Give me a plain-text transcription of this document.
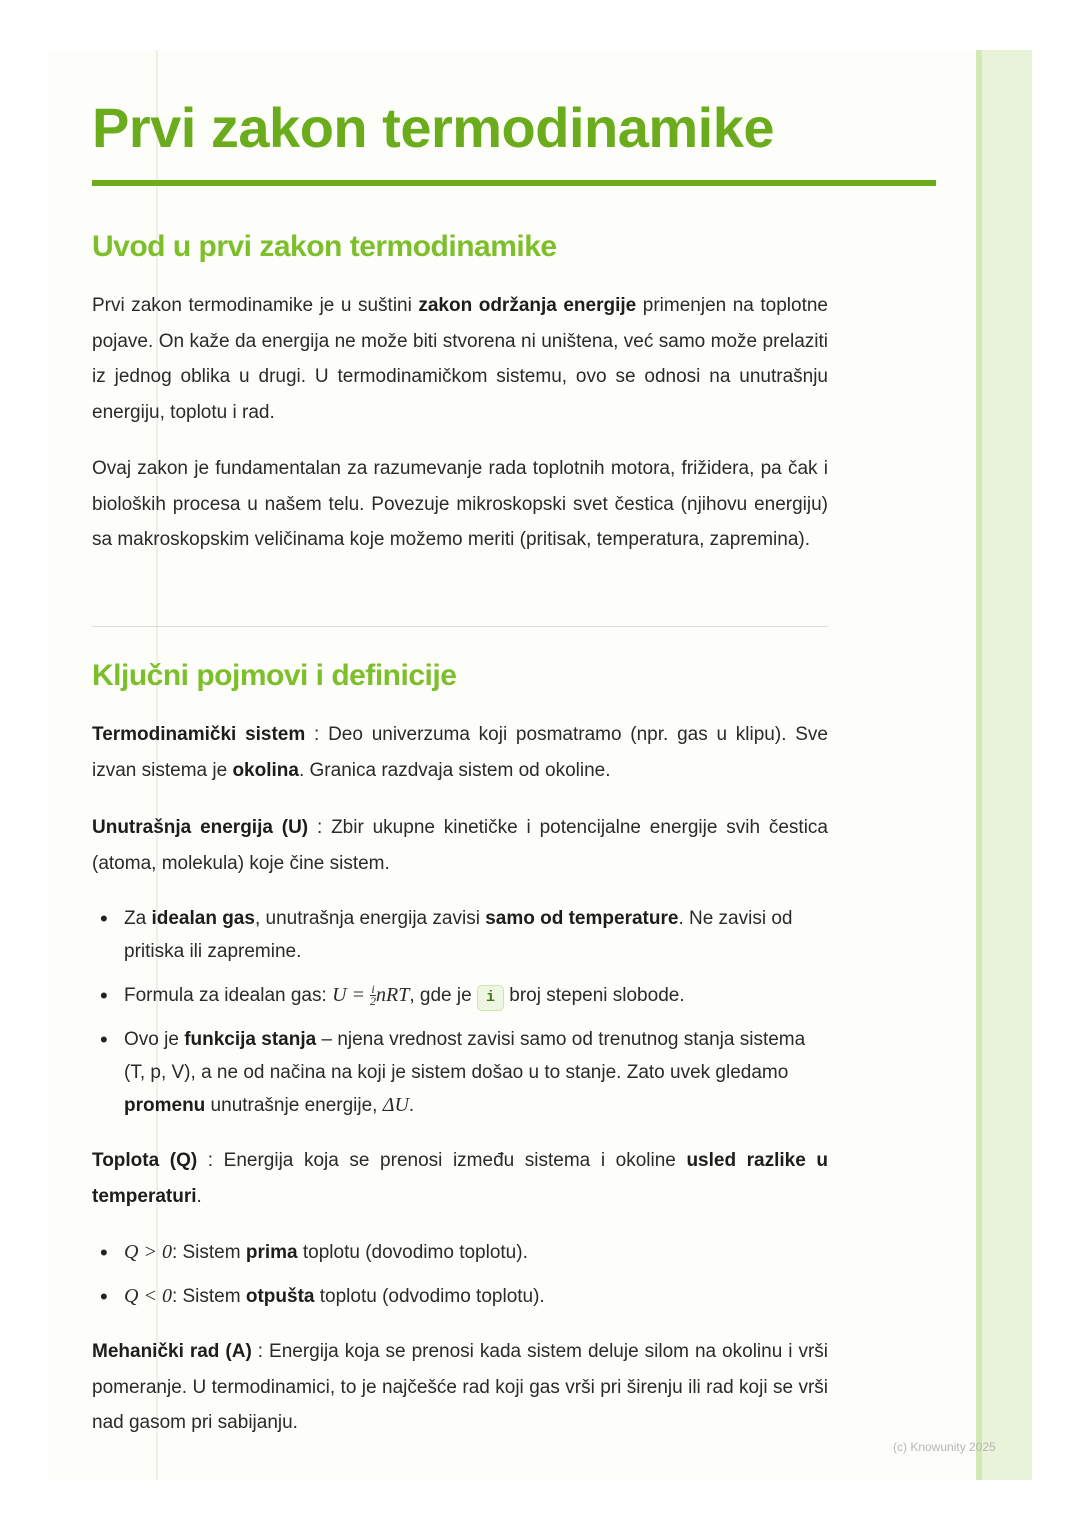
Prvi zakon termodinamike
Uvod u prvi zakon termodinamike

Prvi zakon termodinamike je u suštini zakon održanja energije primenjen na toplotne pojave. On kaže da energija ne može biti stvorena ni uništena, već samo može prelaziti iz jednog oblika u drugi. U termodinamičkom sistemu, ovo se odnosi na unutrašnju energiju, toplotu i rad.

Ovaj zakon je fundamentalan za razumevanje rada toplotnih motora, frižidera, pa čak i bioloških procesa u našem telu. Povezuje mikroskopski svet čestica (njihovu energiju) sa makroskopskim veličinama koje možemo meriti (pritisak, temperatura, zapremina).

Ključni pojmovi i definicije

Termodinamički sistem : Deo univerzuma koji posmatramo (npr. gas u klipu). Sve izvan sistema je okolina. Granica razdvaja sistem od okoline.

Unutrašnja energija (U) : Zbir ukupne kinetičke i potencijalne energije svih čestica (atoma, molekula) koje čine sistem.

• Za idealan gas, unutrašnja energija zavisi samo od temperature. Ne zavisi od pritiska ili zapremine.
• Formula za idealan gas: $U = \frac{i}{2}$ nRT, gde je i broj stepeni slobode.
• Ovo je funkcija stanja – njena vrednost zavisi samo od trenutnog stanja sistema (T, p, V), a ne od načina na koji je sistem došao u to stanje. Zato uvek gledamo promenu unutrašnje energije, ΔU.

Toplota (Q) : Energija koja se prenosi između sistema i okoline usled razlike u temperaturi.

• Q > 0: Sistem prima toplotu (dovodimo toplotu).
• Q < 0: Sistem otpušta toplotu (odvodimo toplotu).

Mehanički rad (A) : Energija koja se prenosi kada sistem deluje silom na okolinu i vrši pomeranje. U termodinamici, to je najčešće rad koji gas vrši pri širenju ili rad koji se vrši nad gasom pri sabijanju.

(c) Knowunity 2025
